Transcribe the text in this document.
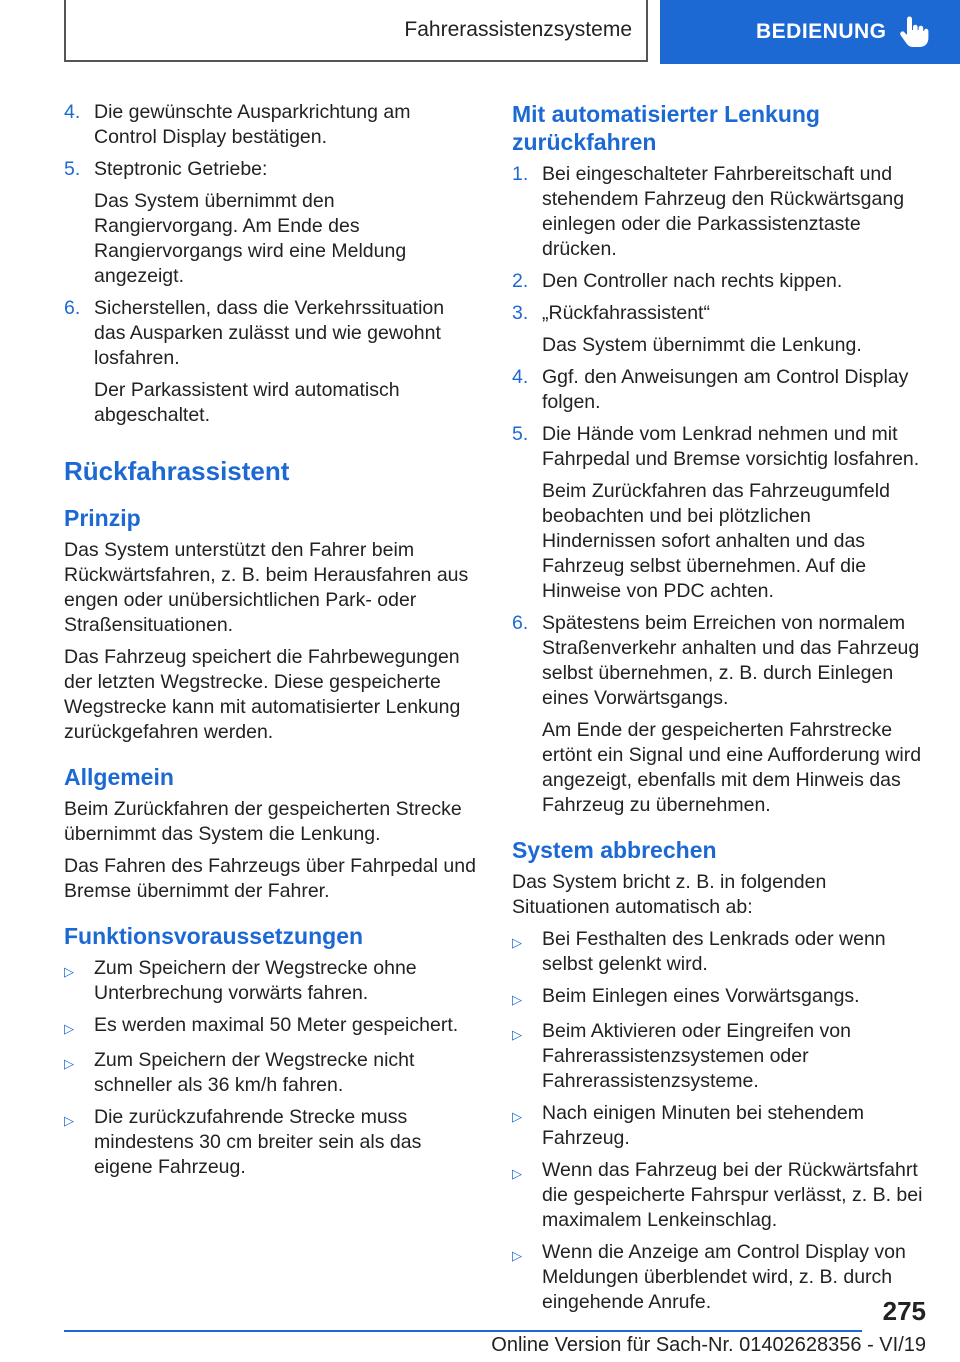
Fahrerassistenzsysteme	BEDIENUNG
4. Die gewünschte Ausparkrichtung am Control Display bestätigen.
5. Steptronic Getriebe:
Das System übernimmt den Rangiervorgang. Am Ende des Rangiervorgangs wird eine Meldung angezeigt.
6. Sicherstellen, dass die Verkehrssituation das Ausparken zulässt und wie gewohnt losfahren.
Der Parkassistent wird automatisch abgeschaltet.
Rückfahrassistent
Prinzip
Das System unterstützt den Fahrer beim Rückwärtsfahren, z. B. beim Herausfahren aus engen oder unübersichtlichen Park- oder Straßensituationen.
Das Fahrzeug speichert die Fahrbewegungen der letzten Wegstrecke. Diese gespeicherte Wegstrecke kann mit automatisierter Lenkung zurückgefahren werden.
Allgemein
Beim Zurückfahren der gespeicherten Strecke übernimmt das System die Lenkung.
Das Fahren des Fahrzeugs über Fahrpedal und Bremse übernimmt der Fahrer.
Funktionsvoraussetzungen
▷	Zum Speichern der Wegstrecke ohne Unterbrechung vorwärts fahren.
▷	Es werden maximal 50 Meter gespeichert.
▷	Zum Speichern der Wegstrecke nicht schneller als 36 km/h fahren.
▷	Die zurückzufahrende Strecke muss mindestens 30 cm breiter sein als das eigene Fahrzeug.
Mit automatisierter Lenkung zurückfahren
1. Bei eingeschalteter Fahrbereitschaft und stehendem Fahrzeug den Rückwärtsgang einlegen oder die Parkassistenztaste drücken.
2. Den Controller nach rechts kippen.
3. „Rückfahrassistent“
Das System übernimmt die Lenkung.
4. Ggf. den Anweisungen am Control Display folgen.
5. Die Hände vom Lenkrad nehmen und mit Fahrpedal und Bremse vorsichtig losfahren.
Beim Zurückfahren das Fahrzeugumfeld beobachten und bei plötzlichen Hindernissen sofort anhalten und das Fahrzeug selbst übernehmen. Auf die Hinweise von PDC achten.
6. Spätestens beim Erreichen von normalem Straßenverkehr anhalten und das Fahrzeug selbst übernehmen, z. B. durch Einlegen eines Vorwärtsgangs.
Am Ende der gespeicherten Fahrstrecke ertönt ein Signal und eine Aufforderung wird angezeigt, ebenfalls mit dem Hinweis das Fahrzeug zu übernehmen.
System abbrechen
Das System bricht z. B. in folgenden Situationen automatisch ab:
▷	Bei Festhalten des Lenkrads oder wenn selbst gelenkt wird.
▷	Beim Einlegen eines Vorwärtsgangs.
▷	Beim Aktivieren oder Eingreifen von Fahrerassistenzsystemen oder Fahrerassistenzsysteme.
▷	Nach einigen Minuten bei stehendem Fahrzeug.
▷	Wenn das Fahrzeug bei der Rückwärtsfahrt die gespeicherte Fahrspur verlässt, z. B. bei maximalem Lenkeinschlag.
▷	Wenn die Anzeige am Control Display von Meldungen überblendet wird, z. B. durch eingehende Anrufe.	275
Online Version für Sach-Nr. 01402628356 - VI/19
